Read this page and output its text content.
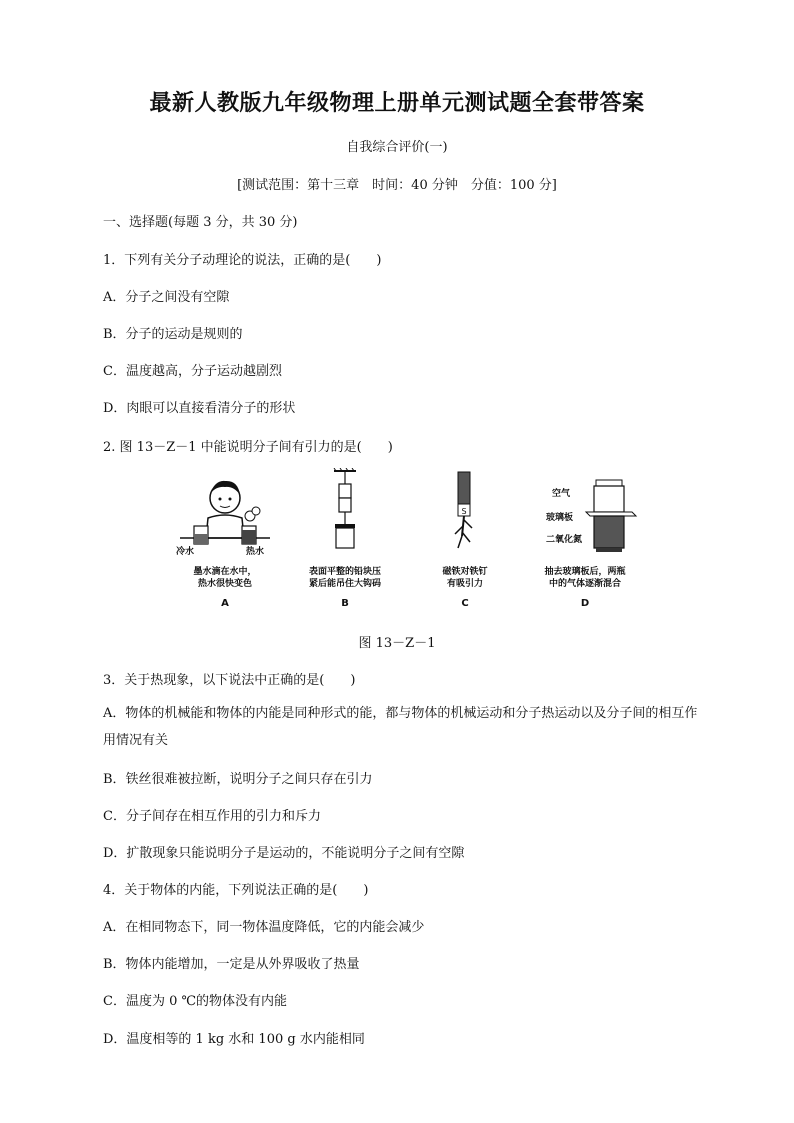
最新人教版九年级物理上册单元测试题全套带答案
自我综合评价(一)
[测试范围：第十三章　时间：40 分钟　分值：100 分]
一、选择题(每题 3 分，共 30 分)
1．下列有关分子动理论的说法，正确的是(　　)
A．分子之间没有空隙
B．分子的运动是规则的
C．温度越高，分子运动越剧烈
D．肉眼可以直接看清分子的形状
2. 图 13－Z－1 中能说明分子间有引力的是(　　)
冷水	热水
墨水滴在水中，
热水很快变色
A
表面平整的铅块压
紧后能吊住大钩码
B
S
磁铁对铁钉
有吸引力
C
空气
玻璃板
二氧化氮
抽去玻璃板后，两瓶
中的气体逐渐混合
D
图 13－Z－1
3．关于热现象，以下说法中正确的是(　　)
A．物体的机械能和物体的内能是同种形式的能，都与物体的机械运动和分子热运动以及分子间的相互作用情况有关
B．铁丝很难被拉断，说明分子之间只存在引力
C．分子间存在相互作用的引力和斥力
D．扩散现象只能说明分子是运动的，不能说明分子之间有空隙
4．关于物体的内能，下列说法正确的是(　　)
A．在相同物态下，同一物体温度降低，它的内能会减少
B．物体内能增加，一定是从外界吸收了热量
C．温度为 0 ℃的物体没有内能
D．温度相等的 1 kg 水和 100 g 水内能相同
